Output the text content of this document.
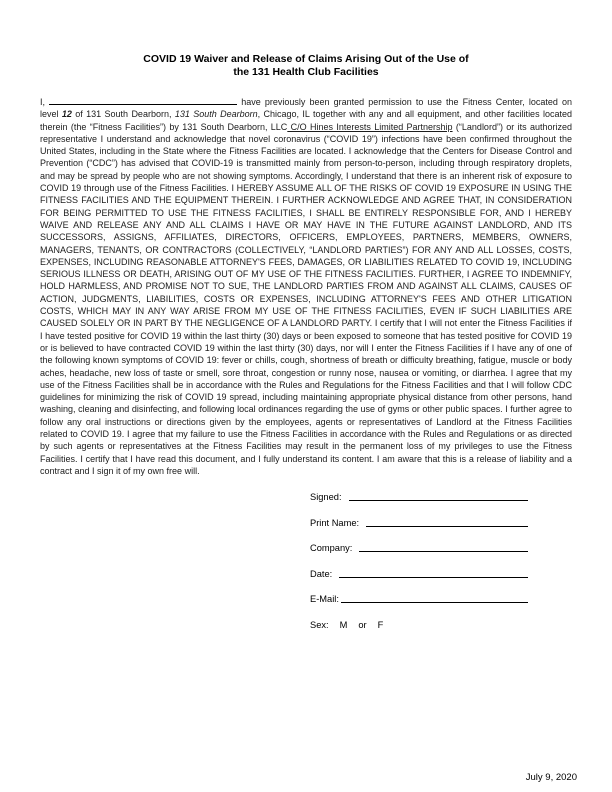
COVID 19 Waiver and Release of Claims Arising Out of the Use of
the 131 Health Club Facilities
I,	have previously been granted permission to use the Fitness Center, located on level 12 of 131 South Dearborn, 131 South Dearborn, Chicago, IL together with any and all equipment, and other facilities located therein (the “Fitness Facilities”) by 131 South Dearborn, LLC C/O Hines Interests Limited Partnership (“Landlord”) or its authorized representative I understand and acknowledge that novel coronavirus (“COVID 19”) infections have been confirmed throughout the United States, including in the State where the Fitness Facilities are located. I acknowledge that the Centers for Disease Control and Prevention (“CDC”) has advised that COVID-19 is transmitted mainly from person-to-person, including through respiratory droplets, and may be spread by people who are not showing symptoms. Accordingly, I understand that there is an inherent risk of exposure to COVID 19 through use of the Fitness Facilities. I HEREBY ASSUME ALL OF THE RISKS OF COVID 19 EXPOSURE IN USING THE FITNESS FACILITIES AND THE EQUIPMENT THEREIN. I FURTHER ACKNOWLEDGE AND AGREE THAT, IN CONSIDERATION FOR BEING PERMITTED TO USE THE FITNESS FACILITIES, I SHALL BE ENTIRELY RESPONSIBLE FOR, AND I HEREBY WAIVE AND RELEASE ANY AND ALL CLAIMS I HAVE OR MAY HAVE IN THE FUTURE AGAINST LANDLORD, AND ITS SUCCESSORS, ASSIGNS, AFFILIATES, DIRECTORS, OFFICERS, EMPLOYEES, PARTNERS, MEMBERS, OWNERS, MANAGERS, TENANTS, OR CONTRACTORS (COLLECTIVELY, “LANDLORD PARTIES”) FOR ANY AND ALL LOSSES, COSTS, EXPENSES, INCLUDING REASONABLE ATTORNEY'S FEES, DAMAGES, OR LIABILITIES RELATED TO COVID 19, INCLUDING SERIOUS ILLNESS OR DEATH, ARISING OUT OF MY USE OF THE FITNESS FACILITIES. FURTHER, I AGREE TO INDEMNIFY, HOLD HARMLESS, AND PROMISE NOT TO SUE, THE LANDLORD PARTIES FROM AND AGAINST ALL CLAIMS, CAUSES OF ACTION, JUDGMENTS, LIABILITIES, COSTS OR EXPENSES, INCLUDING ATTORNEY'S FEES AND OTHER LITIGATION COSTS, WHICH MAY IN ANY WAY ARISE FROM MY USE OF THE FITNESS FACILITIES, EVEN IF SUCH LIABILITIES ARE CAUSED SOLELY OR IN PART BY THE NEGLIGENCE OF A LANDLORD PARTY. I certify that I will not enter the Fitness Facilities if I have tested positive for COVID 19 within the last thirty (30) days or been exposed to someone that has tested positive for COVID 19 or is believed to have contracted COVID 19 within the last thirty (30) days, nor will I enter the Fitness Facilities if I have any of one of the following known symptoms of COVID 19: fever or chills, cough, shortness of breath or difficulty breathing, fatigue, muscle or body aches, headache, new loss of taste or smell, sore throat, congestion or runny nose, nausea or vomiting, or diarrhea. I agree that my use of the Fitness Facilities shall be in accordance with the Rules and Regulations for the Fitness Facilities and that I will follow CDC guidelines for minimizing the risk of COVID 19 spread, including maintaining appropriate physical distance from other persons, hand washing, cleaning and disinfecting, and following local ordinances regarding the use of gyms or other public spaces. I further agree to follow any oral instructions or directions given by the employees, agents or representatives of Landlord at the Fitness Facilities related to COVID 19. I agree that my failure to use the Fitness Facilities in accordance with the Rules and Regulations or as directed by such agents or representatives at the Fitness Facilities may result in the permanent loss of my privileges to use the Fitness Facilities. I certify that I have read this document, and I fully understand its content. I am aware that this is a release of liability and a contract and I sign it of my own free will.
Signed:
Print Name:
Company:
Date:
E-Mail:
Sex: M or F
July 9, 2020
